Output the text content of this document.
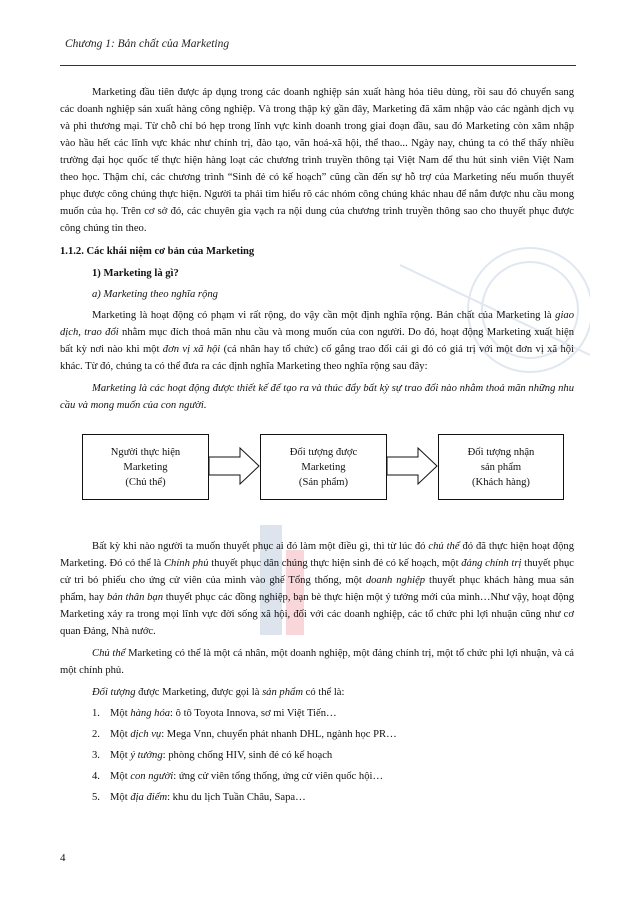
Chương 1: Bản chất của Marketing

Marketing đầu tiên được áp dụng trong các doanh nghiệp sản xuất hàng hóa tiêu dùng, rồi sau đó chuyển sang các doanh nghiệp sản xuất hàng công nghiệp. Và trong thập kỷ gần đây, Marketing đã xâm nhập vào các ngành dịch vụ và phi thương mại. Từ chỗ chỉ bó hẹp trong lĩnh vực kinh doanh trong giai đoạn đầu, sau đó Marketing còn xâm nhập vào hầu hết các lĩnh vực khác như chính trị, đào tạo, văn hoá-xã hội, thể thao... Ngày nay, chúng ta có thể thấy nhiều trường đại học quốc tế thực hiện hàng loạt các chương trình truyền thông tại Việt Nam để thu hút sinh viên Việt Nam theo học. Thậm chí, các chương trình “Sinh đẻ có kế hoạch” cũng cần đến sự hỗ trợ của Marketing nếu muốn thuyết phục được công chúng thực hiện. Người ta phải tìm hiểu rõ các nhóm công chúng khác nhau để nắm được nhu cầu mong muốn của họ. Trên cơ sở đó, các chuyên gia vạch ra nội dung của chương trình truyền thông sao cho thuyết phục được công chúng tin theo.

1.1.2. Các khái niệm cơ bản của Marketing

1) Marketing là gì?

a) Marketing theo nghĩa rộng

Marketing là hoạt động có phạm vi rất rộng, do vậy cần một định nghĩa rộng. Bản chất của Marketing là giao dịch, trao đổi nhằm mục đích thoả mãn nhu cầu và mong muốn của con người. Do đó, hoạt động Marketing xuất hiện bất kỳ nơi nào khi một đơn vị xã hội (cá nhân hay tổ chức) cố gắng trao đổi cái gì đó có giá trị với một đơn vị xã hội khác. Từ đó, chúng ta có thể đưa ra các định nghĩa Marketing theo nghĩa rộng sau đây:

Marketing là các hoạt động được thiết kế để tạo ra và thúc đẩy bất kỳ sự trao đổi nào nhằm thoả mãn những nhu cầu và mong muốn của con người.

Người thực hiện
Marketing
(Chủ thể)
Đối tượng được
Marketing
(Sản phẩm)
Đối tượng nhận
sản phẩm
(Khách hàng)

Bất kỳ khi nào người ta muốn thuyết phục ai đó làm một điều gì, thì từ lúc đó chủ thể đó đã thực hiện hoạt động Marketing. Đó có thể là Chính phủ thuyết phục dân chúng thực hiện sinh đẻ có kế hoạch, một đảng chính trị thuyết phục cử tri bỏ phiếu cho ứng cử viên của mình vào ghế Tổng thống, một doanh nghiệp thuyết phục khách hàng mua sản phẩm, hay bản thân bạn thuyết phục các đồng nghiệp, bạn bè thực hiện một ý tưởng mới của mình…Như vậy, hoạt động Marketing xảy ra trong mọi lĩnh vực đời sống xã hội, đối với các doanh nghiệp, các tổ chức phi lợi nhuận cũng như cơ quan Đảng, Nhà nước.

Chủ thể Marketing có thể là một cá nhân, một doanh nghiệp, một đảng chính trị, một tổ chức phi lợi nhuận, và cả một chính phủ.

Đối tượng được Marketing, được gọi là sản phẩm có thể là:

1. Một hàng hóa: ô tô Toyota Innova, sơ mi Việt Tiến…

2. Một dịch vụ: Mega Vnn, chuyển phát nhanh DHL, ngành học PR…

3. Một ý tưởng: phòng chống HIV, sinh đẻ có kế hoạch

4. Một con người: ứng cử viên tổng thống, ứng cử viên quốc hội…

5. Một địa điểm: khu du lịch Tuần Châu, Sapa…

4
